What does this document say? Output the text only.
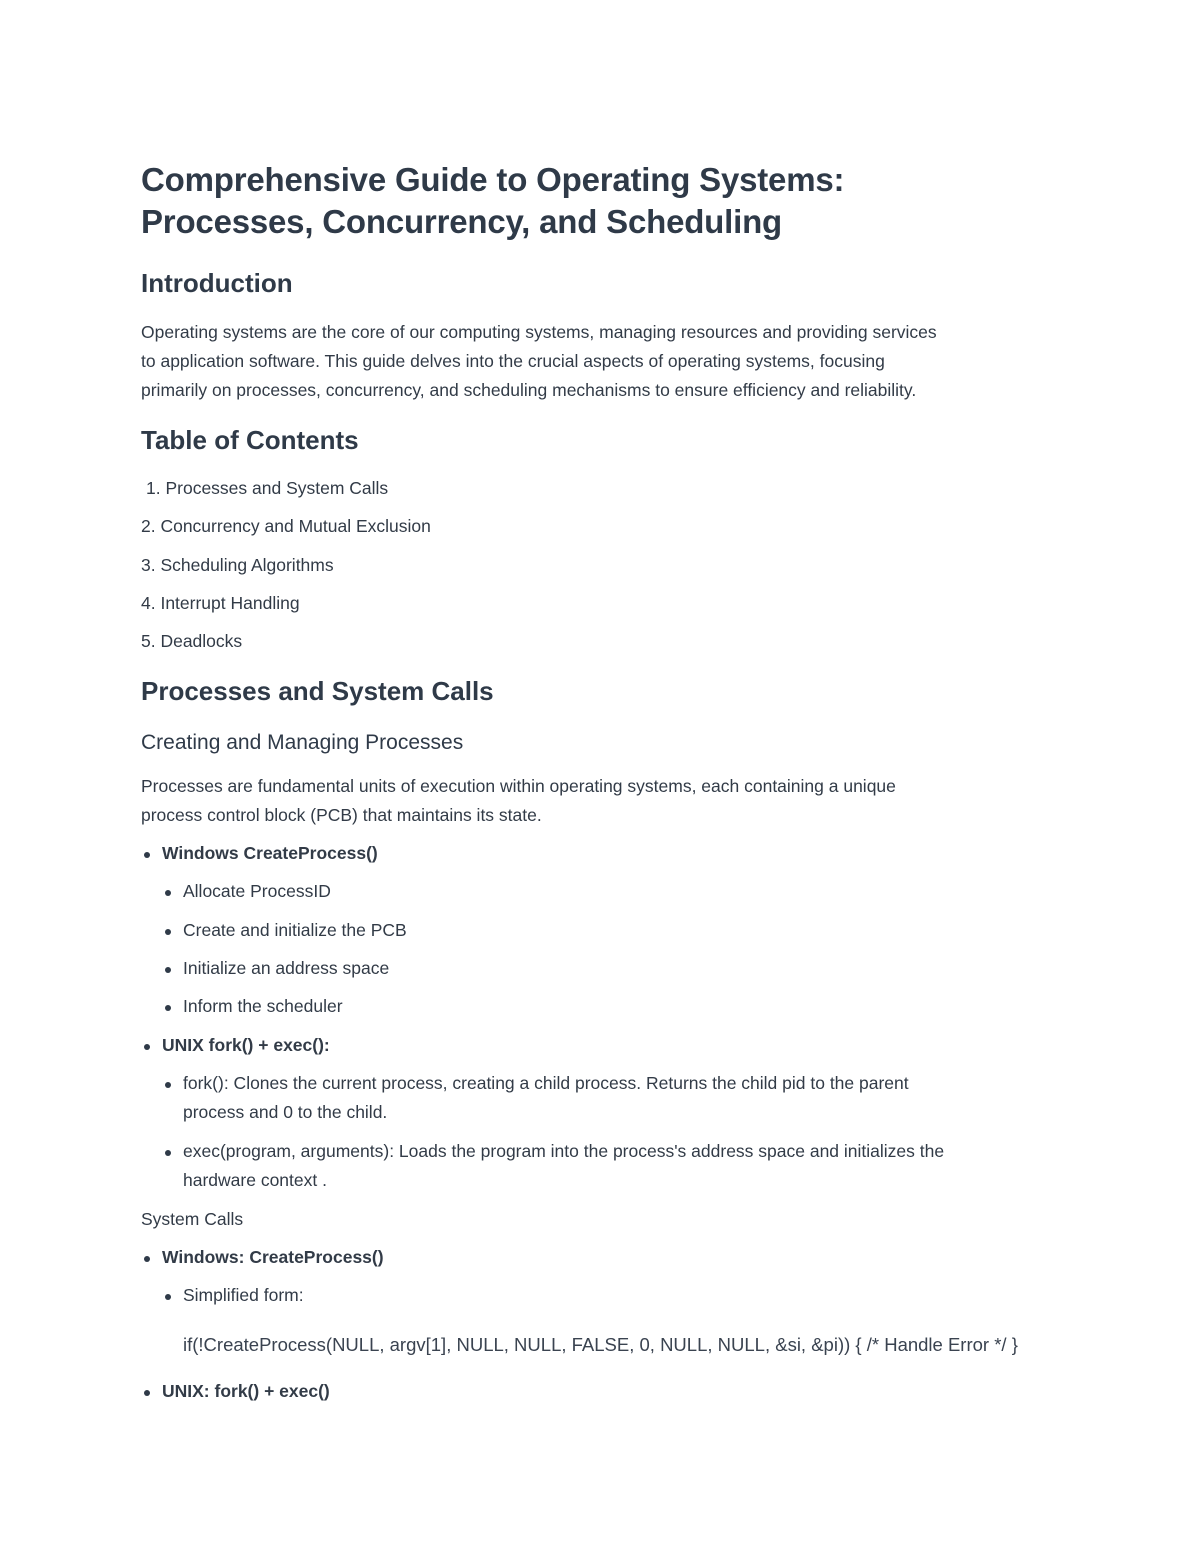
Comprehensive Guide to Operating Systems:
Processes, Concurrency, and Scheduling
Introduction
Operating systems are the core of our computing systems, managing resources and providing services
to application software. This guide delves into the crucial aspects of operating systems, focusing
primarily on processes, concurrency, and scheduling mechanisms to ensure efficiency and reliability.
Table of Contents
1. Processes and System Calls
2. Concurrency and Mutual Exclusion
3. Scheduling Algorithms
4. Interrupt Handling
5. Deadlocks
Processes and System Calls
Creating and Managing Processes
Processes are fundamental units of execution within operating systems, each containing a unique
process control block (PCB) that maintains its state.
Windows CreateProcess()
Allocate ProcessID
Create and initialize the PCB
Initialize an address space
Inform the scheduler
UNIX fork() + exec():
fork(): Clones the current process, creating a child process. Returns the child pid to the parent
process and 0 to the child.
exec(program, arguments): Loads the program into the process's address space and initializes the
hardware context .
System Calls
Windows: CreateProcess()
Simplified form:
if(!CreateProcess(NULL, argv[1], NULL, NULL, FALSE, 0, NULL, NULL, &si, &pi)) { /* Handle Error */ }
UNIX: fork() + exec()
